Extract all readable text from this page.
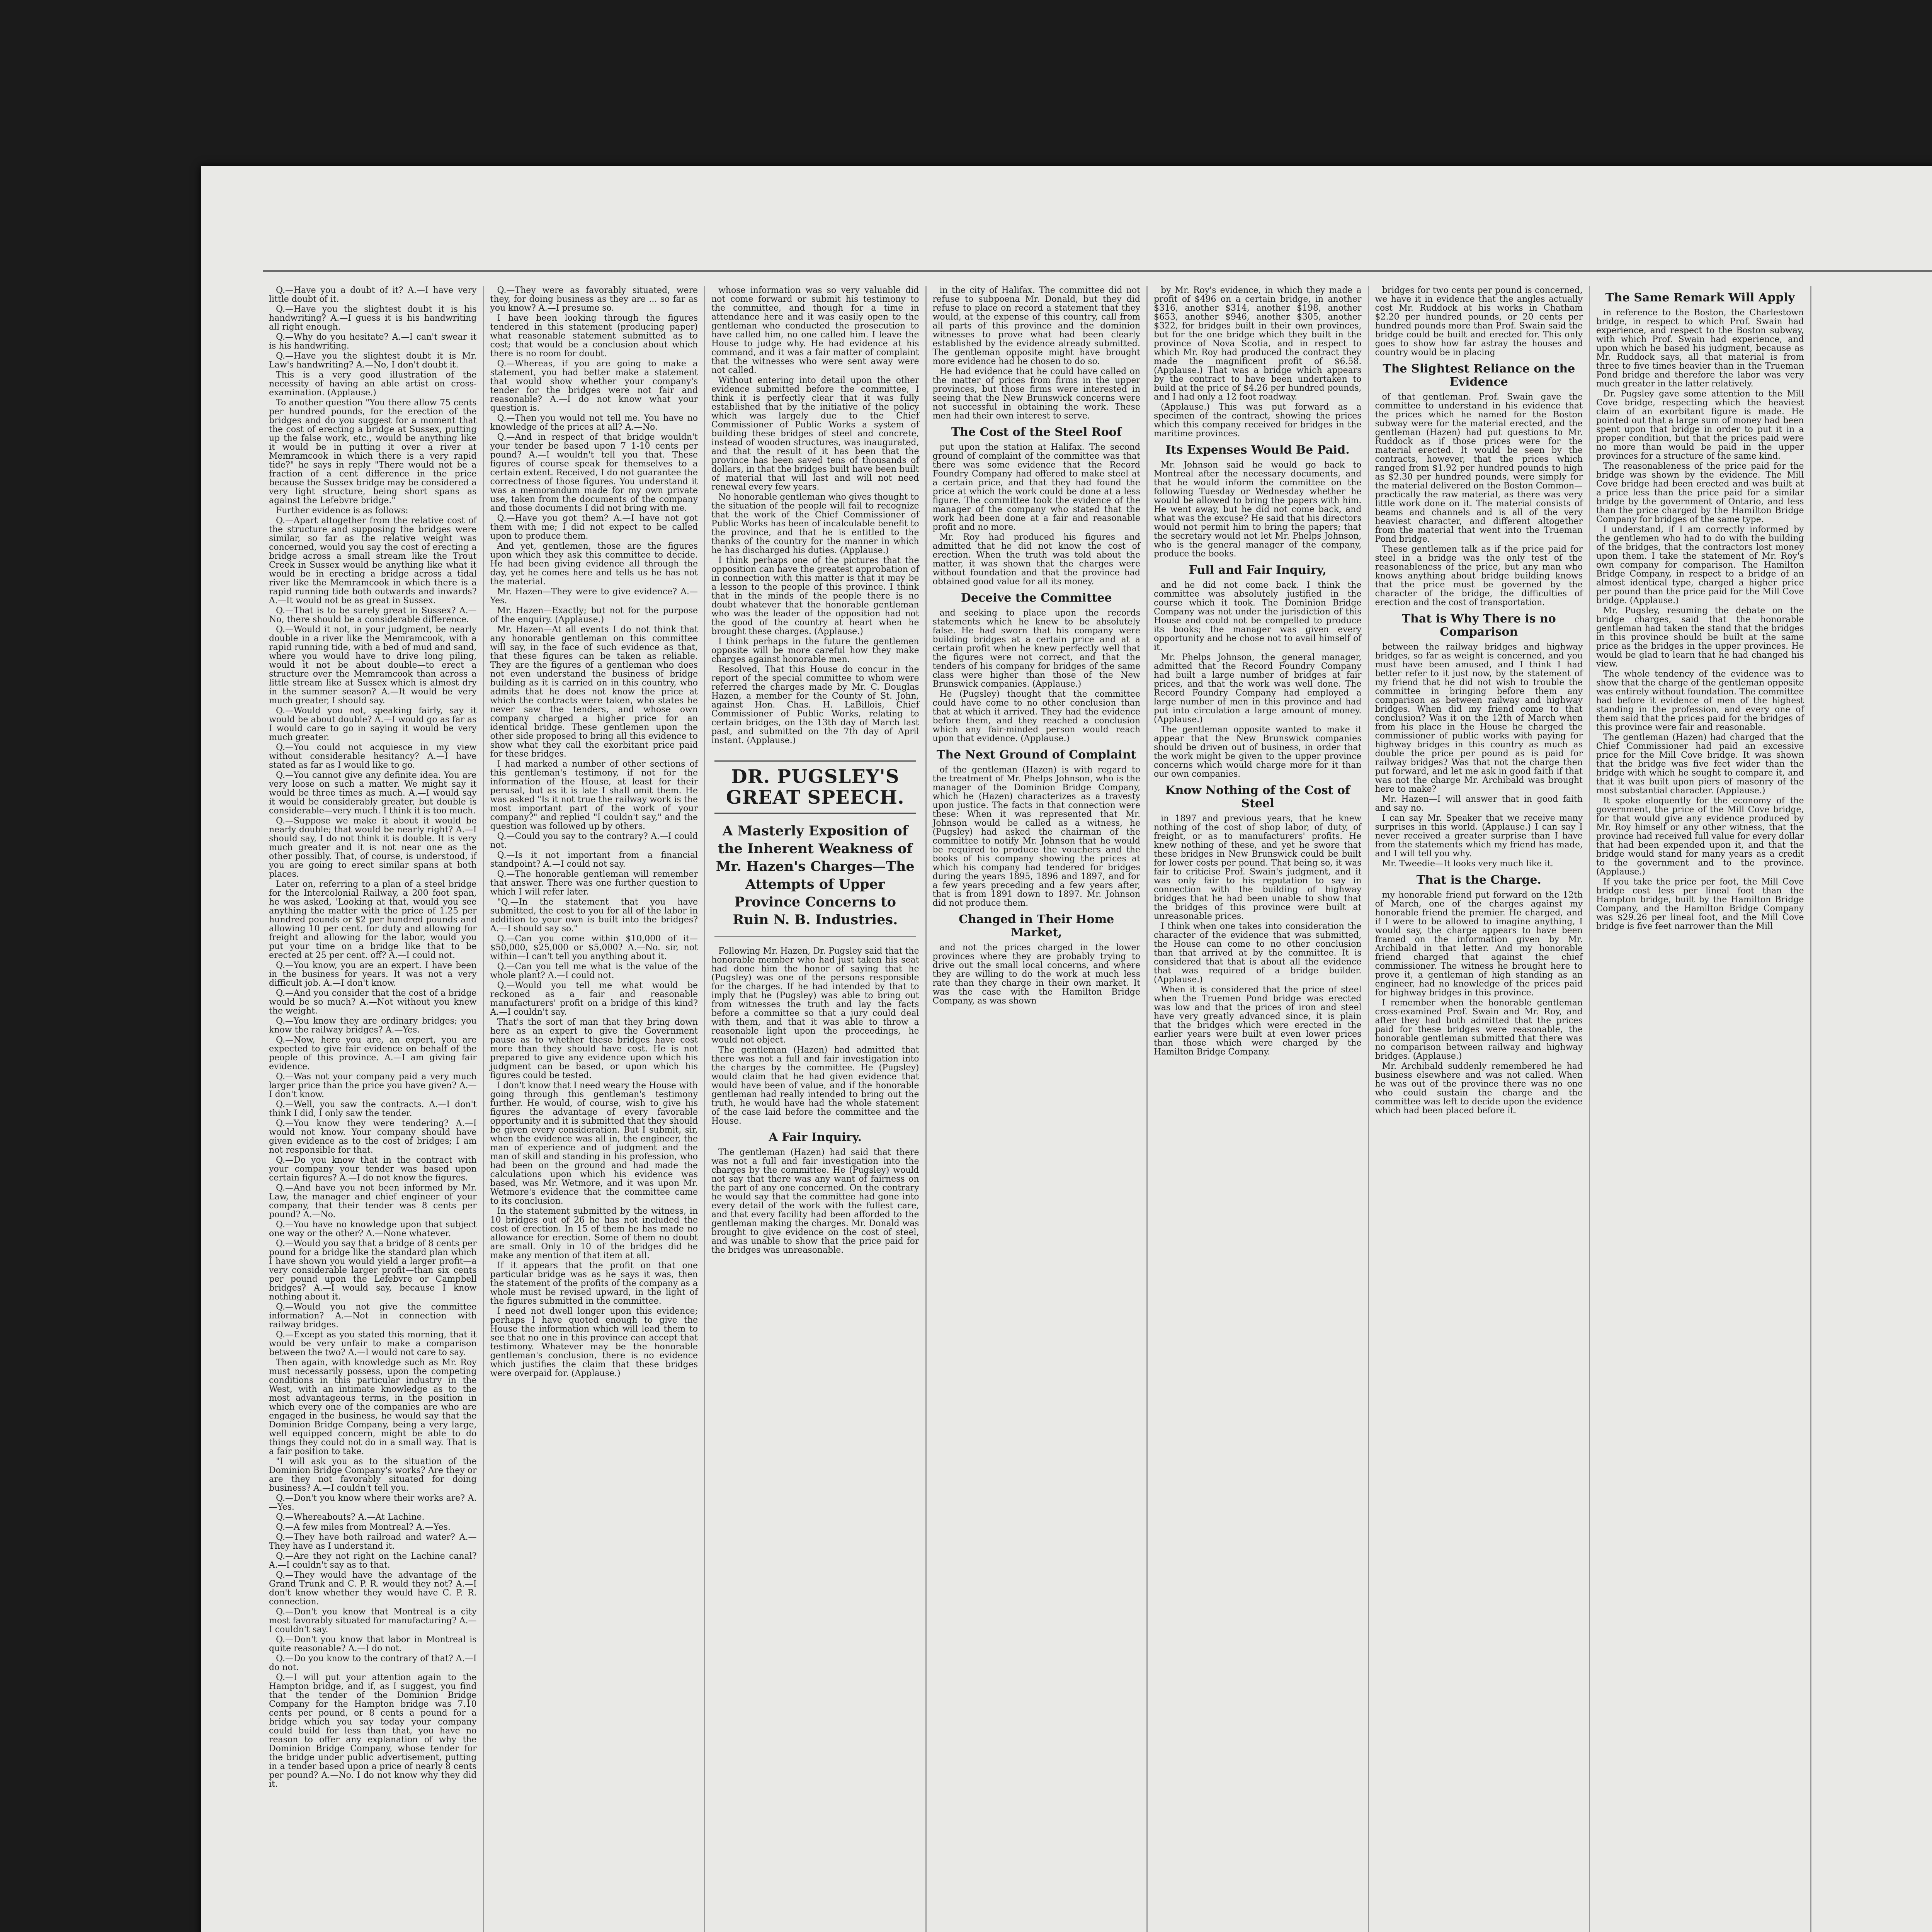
Q.—Have you a doubt of it? A.—I have very little doubt of it.

Q.—Have you the slightest doubt it is his handwriting? A.—I guess it is his handwriting all right enough.

Q.—Why do you hesitate? A.—I can't swear it is his handwriting.

Q.—Have you the slightest doubt it is Mr. Law's handwriting? A.—No, I don't doubt it.

This is a very good illustration of the necessity of having an able artist on cross-examination. (Applause.)

To another question "You there allow 75 cents per hundred pounds, for the erection of the bridges and do you suggest for a moment that the cost of erecting a bridge at Sussex, putting up the false work, etc., would be anything like it would be in putting it over a river at Memramcook in which there is a very rapid tide?" he says in reply "There would not be a fraction of a cent difference in the price because the Sussex bridge may be considered a very light structure, being short spans as against the Lefebvre bridge."

Further evidence is as follows:

Q.—Apart altogether from the relative cost of the structure and supposing the bridges were similar, so far as the relative weight was concerned, would you say the cost of erecting a bridge across a small stream like the Trout Creek in Sussex would be anything like what it would be in erecting a bridge across a tidal river like the Memramcook in which there is a rapid running tide both outwards and inwards? A.—It would not be as great in Sussex.

Q.—That is to be surely great in Sussex? A.—No, there should be a considerable difference.

Q.—Would it not, in your judgment, be nearly double in a river like the Memramcook, with a rapid running tide, with a bed of mud and sand, where you would have to drive long piling, would it not be about double—to erect a structure over the Memramcook than across a little stream like at Sussex which is almost dry in the summer season? A.—It would be very much greater, I should say.

Q.—Would you not, speaking fairly, say it would be about double? A.—I would go as far as I would care to go in saying it would be very much greater.

Q.—You could not acquiesce in my view without considerable hesitancy? A.—I have stated as far as I would like to go.

Q.—You cannot give any definite idea. You are very loose on such a matter. We might say it would be three times as much. A.—I would say it would be considerably greater, but double is considerable—very much. I think it is too much.

Q.—Suppose we make it about it would be nearly double; that would be nearly right? A.—I should say, I do not think it is double. It is very much greater and it is not near one as the other possibly. That, of course, is understood, if you are going to erect similar spans at both places.

Later on, referring to a plan of a steel bridge for the Intercolonial Railway, a 200 foot span, he was asked, 'Looking at that, would you see anything the matter with the price of 1.25 per hundred pounds or $2 per hundred pounds and allowing 10 per cent. for duty and allowing for freight and allowing for the labor, would you put your time on a bridge like that to be erected at 25 per cent. off? A.—I could not.

Q.—You know, you are an expert. I have been in the business for years. It was not a very difficult job. A.—I don't know.

Q.—And you consider that the cost of a bridge would be so much? A.—Not without you knew the weight.

Q.—You know they are ordinary bridges; you know the railway bridges? A.—Yes.

Q.—Now, here you are, an expert, you are expected to give fair evidence on behalf of the people of this province. A.—I am giving fair evidence.

Q.—Was not your company paid a very much larger price than the price you have given? A.—I don't know.

Q.—Well, you saw the contracts. A.—I don't think I did, I only saw the tender.

Q.—You know they were tendering? A.—I would not know. Your company should have given evidence as to the cost of bridges; I am not responsible for that.

Q.—Do you know that in the contract with your company your tender was based upon certain figures? A.—I do not know the figures.

Q.—And have you not been informed by Mr. Law, the manager and chief engineer of your company, that their tender was 8 cents per pound? A.—No.

Q.—You have no knowledge upon that subject one way or the other? A.—None whatever.

Q.—Would you say that a bridge of 8 cents per pound for a bridge like the standard plan which I have shown you would yield a larger profit—a very considerable larger profit—than six cents per pound upon the Lefebvre or Campbell bridges? A.—I would say, because I know nothing about it.

Q.—Would you not give the committee information? A.—Not in connection with railway bridges.

Q.—Except as you stated this morning, that it would be very unfair to make a comparison between the two? A.—I would not care to say.

Then again, with knowledge such as Mr. Roy must necessarily possess, upon the competing conditions in this particular industry in the West, with an intimate knowledge as to the most advantageous terms, in the position in which every one of the companies are who are engaged in the business, he would say that the Dominion Bridge Company, being a very large, well equipped concern, might be able to do things they could not do in a small way. That is a fair position to take.

"I will ask you as to the situation of the Dominion Bridge Company's works? Are they or are they not favorably situated for doing business? A.—I couldn't tell you.

Q.—Don't you know where their works are? A.—Yes.

Q.—Whereabouts? A.—At Lachine.

Q.—A few miles from Montreal? A.—Yes.

Q.—They have both railroad and water? A.—They have as I understand it.

Q.—Are they not right on the Lachine canal? A.—I couldn't say as to that.

Q.—They would have the advantage of the Grand Trunk and C. P. R. would they not? A.—I don't know whether they would have C. P. R. connection.

Q.—Don't you know that Montreal is a city most favorably situated for manufacturing? A.—I couldn't say.

Q.—Don't you know that labor in Montreal is quite reasonable? A.—I do not.

Q.—Do you know to the contrary of that? A.—I do not.

Q.—I will put your attention again to the Hampton bridge, and if, as I suggest, you find that the tender of the Dominion Bridge Company for the Hampton bridge was 7.10 cents per pound, or 8 cents a pound for a bridge which you say today your company could build for less than that, you have no reason to offer any explanation of why the Dominion Bridge Company, whose tender for the bridge under public advertisement, putting in a tender based upon a price of nearly 8 cents per pound? A.—No. I do not know why they did it.

Q.—They were as favorably situated, were they, for doing business as they are ... so far as you know? A.—I presume so.

I have been looking through the figures tendered in this statement (producing paper) what reasonable statement submitted as to cost; that would be a conclusion about which there is no room for doubt.

Q.—Whereas, if you are going to make a statement, you had better make a statement that would show whether your company's tender for the bridges were not fair and reasonable? A.—I do not know what your question is.

Q.—Then you would not tell me. You have no knowledge of the prices at all? A.—No.

Q.—And in respect of that bridge wouldn't your tender be based upon 7 1-10 cents per pound? A.—I wouldn't tell you that. These figures of course speak for themselves to a certain extent. Received, I do not guarantee the correctness of those figures. You understand it was a memorandum made for my own private use, taken from the documents of the company and those documents I did not bring with me.

Q.—Have you got them? A.—I have not got them with me; I did not expect to be called upon to produce them.

And yet, gentlemen, those are the figures upon which they ask this committee to decide. He had been giving evidence all through the day, yet he comes here and tells us he has not the material.

Mr. Hazen—They were to give evidence? A.—Yes.

Mr. Hazen—Exactly; but not for the purpose of the enquiry. (Applause.)

Mr. Hazen—At all events I do not think that any honorable gentleman on this committee will say, in the face of such evidence as that, that these figures can be taken as reliable. They are the figures of a gentleman who does not even understand the business of bridge building as it is carried on in this country, who admits that he does not know the price at which the contracts were taken, who states he never saw the tenders, and whose own company charged a higher price for an identical bridge. These gentlemen upon the other side proposed to bring all this evidence to show what they call the exorbitant price paid for these bridges.

I had marked a number of other sections of this gentleman's testimony, if not for the information of the House, at least for their perusal, but as it is late I shall omit them. He was asked "Is it not true the railway work is the most important part of the work of your company?" and replied "I couldn't say," and the question was followed up by others.

Q.—Could you say to the contrary? A.—I could not.

Q.—Is it not important from a financial standpoint? A.—I could not say.

Q.—The honorable gentleman will remember that answer. There was one further question to which I will refer later.

"Q.—In the statement that you have submitted, the cost to you for all of the labor in addition to your own is built into the bridges? A.—I should say so."

Q.—Can you come within $10,000 of it—$50,000, $25,000 or $5,000? A.—No. sir, not within—I can't tell you anything about it.

Q.—Can you tell me what is the value of the whole plant? A.—I could not.

Q.—Would you tell me what would be reckoned as a fair and reasonable manufacturers' profit on a bridge of this kind? A.—I couldn't say.

That's the sort of man that they bring down here as an expert to give the Government pause as to whether these bridges have cost more than they should have cost. He is not prepared to give any evidence upon which his judgment can be based, or upon which his figures could be tested.

I don't know that I need weary the House with going through this gentleman's testimony further. He would, of course, wish to give his figures the advantage of every favorable opportunity and it is submitted that they should be given every consideration. But I submit, sir, when the evidence was all in, the engineer, the man of experience and of judgment and the man of skill and standing in his profession, who had been on the ground and had made the calculations upon which his evidence was based, was Mr. Wetmore, and it was upon Mr. Wetmore's evidence that the committee came to its conclusion.

In the statement submitted by the witness, in 10 bridges out of 26 he has not included the cost of erection. In 15 of them he has made no allowance for erection. Some of them no doubt are small. Only in 10 of the bridges did he make any mention of that item at all.

If it appears that the profit on that one particular bridge was as he says it was, then the statement of the profits of the company as a whole must be revised upward, in the light of the figures submitted in the committee.

I need not dwell longer upon this evidence; perhaps I have quoted enough to give the House the information which will lead them to see that no one in this province can accept that testimony. Whatever may be the honorable gentleman's conclusion, there is no evidence which justifies the claim that these bridges were overpaid for. (Applause.)

whose information was so very valuable did not come forward or submit his testimony to the committee, and though for a time in attendance here and it was easily open to the gentleman who conducted the prosecution to have called him, no one called him. I leave the House to judge why. He had evidence at his command, and it was a fair matter of complaint that the witnesses who were sent away were not called.

Without entering into detail upon the other evidence submitted before the committee, I think it is perfectly clear that it was fully established that by the initiative of the policy which was largely due to the Chief Commissioner of Public Works a system of building these bridges of steel and concrete, instead of wooden structures, was inaugurated, and that the result of it has been that the province has been saved tens of thousands of dollars, in that the bridges built have been built of material that will last and will not need renewal every few years.

No honorable gentleman who gives thought to the situation of the people will fail to recognize that the work of the Chief Commissioner of Public Works has been of incalculable benefit to the province, and that he is entitled to the thanks of the country for the manner in which he has discharged his duties. (Applause.)

I think perhaps one of the pictures that the opposition can have the greatest approbation of in connection with this matter is that it may be a lesson to the people of this province. I think that in the minds of the people there is no doubt whatever that the honorable gentleman who was the leader of the opposition had not the good of the country at heart when he brought these charges. (Applause.)

I think perhaps in the future the gentlemen opposite will be more careful how they make charges against honorable men.

Resolved, That this House do concur in the report of the special committee to whom were referred the charges made by Mr. C. Douglas Hazen, a member for the County of St. John, against Hon. Chas. H. LaBillois, Chief Commissioner of Public Works, relating to certain bridges, on the 13th day of March last past, and submitted on the 7th day of April instant. (Applause.)

DR. PUGSLEY'S GREAT SPEECH.
A Masterly Exposition of the Inherent Weakness of Mr. Hazen's Charges—The Attempts of Upper Province Concerns to Ruin N. B. Industries.

Following Mr. Hazen, Dr. Pugsley said that the honorable member who had just taken his seat had done him the honor of saying that he (Pugsley) was one of the persons responsible for the charges. If he had intended by that to imply that he (Pugsley) was able to bring out from witnesses the truth and lay the facts before a committee so that a jury could deal with them, and that it was able to throw a reasonable light upon the proceedings, he would not object.

The gentleman (Hazen) had admitted that there was not a full and fair investigation into the charges by the committee. He (Pugsley) would claim that he had given evidence that would have been of value, and if the honorable gentleman had really intended to bring out the truth, he would have had the whole statement of the case laid before the committee and the House.

A Fair Inquiry.

The gentleman (Hazen) had said that there was not a full and fair investigation into the charges by the committee. He (Pugsley) would not say that there was any want of fairness on the part of any one concerned. On the contrary he would say that the committee had gone into every detail of the work with the fullest care, and that every facility had been afforded to the gentleman making the charges. Mr. Donald was brought to give evidence on the cost of steel, and was unable to show that the price paid for the bridges was unreasonable.

in the city of Halifax. The committee did not refuse to subpoena Mr. Donald, but they did refuse to place on record a statement that they would, at the expense of this country, call from all parts of this province and the dominion witnesses to prove what had been clearly established by the evidence already submitted. The gentleman opposite might have brought more evidence had he chosen to do so.

He had evidence that he could have called on the matter of prices from firms in the upper provinces, but those firms were interested in seeing that the New Brunswick concerns were not successful in obtaining the work. These men had their own interest to serve.

The Cost of the Steel Roof

put upon the station at Halifax. The second ground of complaint of the committee was that there was some evidence that the Record Foundry Company had offered to make steel at a certain price, and that they had found the price at which the work could be done at a less figure. The committee took the evidence of the manager of the company who stated that the work had been done at a fair and reasonable profit and no more.

Mr. Roy had produced his figures and admitted that he did not know the cost of erection. When the truth was told about the matter, it was shown that the charges were without foundation and that the province had obtained good value for all its money.

Deceive the Committee

and seeking to place upon the records statements which he knew to be absolutely false. He had sworn that his company were building bridges at a certain price and at a certain profit when he knew perfectly well that the figures were not correct, and that the tenders of his company for bridges of the same class were higher than those of the New Brunswick companies. (Applause.)

He (Pugsley) thought that the committee could have come to no other conclusion than that at which it arrived. They had the evidence before them, and they reached a conclusion which any fair-minded person would reach upon that evidence. (Applause.)

The Next Ground of Complaint

of the gentleman (Hazen) is with regard to the treatment of Mr. Phelps Johnson, who is the manager of the Dominion Bridge Company, which he (Hazen) characterizes as a travesty upon justice. The facts in that connection were these: When it was represented that Mr. Johnson would be called as a witness, he (Pugsley) had asked the chairman of the committee to notify Mr. Johnson that he would be required to produce the vouchers and the books of his company showing the prices at which his company had tendered for bridges during the years 1895, 1896 and 1897, and for a few years preceding and a few years after, that is from 1891 down to 1897. Mr. Johnson did not produce them.

Changed in Their Home Market,

and not the prices charged in the lower provinces where they are probably trying to drive out the small local concerns, and where they are willing to do the work at much less rate than they charge in their own market. It was the case with the Hamilton Bridge Company, as was shown

by Mr. Roy's evidence, in which they made a profit of $496 on a certain bridge, in another $316, another $314, another $198, another $653, another $946, another $305, another $322, for bridges built in their own provinces, but for the one bridge which they built in the province of Nova Scotia, and in respect to which Mr. Roy had produced the contract they made the magnificent profit of $6.58. (Applause.) That was a bridge which appears by the contract to have been undertaken to build at the price of $4.26 per hundred pounds, and I had only a 12 foot roadway.

(Applause.) This was put forward as a specimen of the contract, showing the prices which this company received for bridges in the maritime provinces.

Its Expenses Would Be Paid.

Mr. Johnson said he would go back to Montreal after the necessary documents, and that he would inform the committee on the following Tuesday or Wednesday whether he would be allowed to bring the papers with him. He went away, but he did not come back, and what was the excuse? He said that his directors would not permit him to bring the papers; that the secretary would not let Mr. Phelps Johnson, who is the general manager of the company, produce the books.

Full and Fair Inquiry,

and he did not come back. I think the committee was absolutely justified in the course which it took. The Dominion Bridge Company was not under the jurisdiction of this House and could not be compelled to produce its books; the manager was given every opportunity and he chose not to avail himself of it.

Mr. Phelps Johnson, the general manager, admitted that the Record Foundry Company had built a large number of bridges at fair prices, and that the work was well done. The Record Foundry Company had employed a large number of men in this province and had put into circulation a large amount of money. (Applause.)

The gentleman opposite wanted to make it appear that the New Brunswick companies should be driven out of business, in order that the work might be given to the upper province concerns which would charge more for it than our own companies.

Know Nothing of the Cost of Steel

in 1897 and previous years, that he knew nothing of the cost of shop labor, of duty, of freight, or as to manufacturers' profits. He knew nothing of these, and yet he swore that these bridges in New Brunswick could be built for lower costs per pound. That being so, it was fair to criticise Prof. Swain's judgment, and it was only fair to his reputation to say in connection with the building of highway bridges that he had been unable to show that the bridges of this province were built at unreasonable prices.

I think when one takes into consideration the character of the evidence that was submitted, the House can come to no other conclusion than that arrived at by the committee. It is considered that that is about all the evidence that was required of a bridge builder. (Applause.)

When it is considered that the price of steel when the Truemen Pond bridge was erected was low and that the prices of iron and steel have very greatly advanced since, it is plain that the bridges which were erected in the earlier years were built at even lower prices than those which were charged by the Hamilton Bridge Company.

bridges for two cents per pound is concerned, we have it in evidence that the angles actually cost Mr. Ruddock at his works in Chatham $2.20 per hundred pounds, or 20 cents per hundred pounds more than Prof. Swain said the bridge could be built and erected for. This only goes to show how far astray the houses and country would be in placing

The Slightest Reliance on the Evidence

of that gentleman. Prof. Swain gave the committee to understand in his evidence that the prices which he named for the Boston subway were for the material erected, and the gentleman (Hazen) had put questions to Mr. Ruddock as if those prices were for the material erected. It would be seen by the contracts, however, that the prices which ranged from $1.92 per hundred pounds to high as $2.30 per hundred pounds, were simply for the material delivered on the Boston Common—practically the raw material, as there was very little work done on it. The material consists of beams and channels and is all of the very heaviest character, and different altogether from the material that went into the Trueman Pond bridge.

These gentlemen talk as if the price paid for steel in a bridge was the only test of the reasonableness of the price, but any man who knows anything about bridge building knows that the price must be governed by the character of the bridge, the difficulties of erection and the cost of transportation.

That is Why There is no Comparison

between the railway bridges and highway bridges, so far as weight is concerned, and you must have been amused, and I think I had better refer to it just now, by the statement of my friend that he did not wish to trouble the committee in bringing before them any comparison as between railway and highway bridges. When did my friend come to that conclusion? Was it on the 12th of March when from his place in the House he charged the commissioner of public works with paying for highway bridges in this country as much as double the price per pound as is paid for railway bridges? Was that not the charge then put forward, and let me ask in good faith if that was not the charge Mr. Archibald was brought here to make?

Mr. Hazen—I will answer that in good faith and say no.

I can say Mr. Speaker that we receive many surprises in this world. (Applause.) I can say I never received a greater surprise than I have from the statements which my friend has made, and I will tell you why.

Mr. Tweedie—It looks very much like it.

That is the Charge.

my honorable friend put forward on the 12th of March, one of the charges against my honorable friend the premier. He charged, and if I were to be allowed to imagine anything, I would say, the charge appears to have been framed on the information given by Mr. Archibald in that letter. And my honorable friend charged that against the chief commissioner. The witness he brought here to prove it, a gentleman of high standing as an engineer, had no knowledge of the prices paid for highway bridges in this province.

I remember when the honorable gentleman cross-examined Prof. Swain and Mr. Roy, and after they had both admitted that the prices paid for these bridges were reasonable, the honorable gentleman submitted that there was no comparison between railway and highway bridges. (Applause.)

Mr. Archibald suddenly remembered he had business elsewhere and was not called. When he was out of the province there was no one who could sustain the charge and the committee was left to decide upon the evidence which had been placed before it.

The Same Remark Will Apply

in reference to the Boston, the Charlestown bridge, in respect to which Prof. Swain had experience, and respect to the Boston subway, with which Prof. Swain had experience, and upon which he based his judgment, because as Mr. Ruddock says, all that material is from three to five times heavier than in the Trueman Pond bridge and therefore the labor was very much greater in the latter relatively.

Dr. Pugsley gave some attention to the Mill Cove bridge, respecting which the heaviest claim of an exorbitant figure is made. He pointed out that a large sum of money had been spent upon that bridge in order to put it in a proper condition, but that the prices paid were no more than would be paid in the upper provinces for a structure of the same kind.

The reasonableness of the price paid for the bridge was shown by the evidence. The Mill Cove bridge had been erected and was built at a price less than the price paid for a similar bridge by the government of Ontario, and less than the price charged by the Hamilton Bridge Company for bridges of the same type.

I understand, if I am correctly informed by the gentlemen who had to do with the building of the bridges, that the contractors lost money upon them. I take the statement of Mr. Roy's own company for comparison. The Hamilton Bridge Company, in respect to a bridge of an almost identical type, charged a higher price per pound than the price paid for the Mill Cove bridge. (Applause.)

Mr. Pugsley, resuming the debate on the bridge charges, said that the honorable gentleman had taken the stand that the bridges in this province should be built at the same price as the bridges in the upper provinces. He would be glad to learn that he had changed his view.

The whole tendency of the evidence was to show that the charge of the gentleman opposite was entirely without foundation. The committee had before it evidence of men of the highest standing in the profession, and every one of them said that the prices paid for the bridges of this province were fair and reasonable.

The gentleman (Hazen) had charged that the Chief Commissioner had paid an excessive price for the Mill Cove bridge. It was shown that the bridge was five feet wider than the bridge with which he sought to compare it, and that it was built upon piers of masonry of the most substantial character. (Applause.)

It spoke eloquently for the economy of the government, the price of the Mill Cove bridge, for that would give any evidence produced by Mr. Roy himself or any other witness, that the province had received full value for every dollar that had been expended upon it, and that the bridge would stand for many years as a credit to the government and to the province. (Applause.)

If you take the price per foot, the Mill Cove bridge cost less per lineal foot than the Hampton bridge, built by the Hamilton Bridge Company, and the Hamilton Bridge Company was $29.26 per lineal foot, and the Mill Cove bridge is five feet narrower than the Mill
